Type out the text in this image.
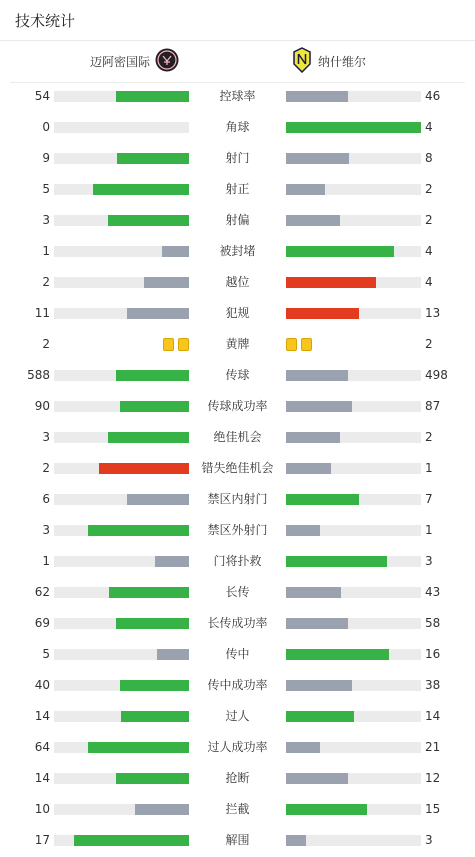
技术统计
迈阿密国际	纳什维尔
54	控球率	46
0	角球	4
9	射门	8
5	射正	2
3	射偏	2
1	被封堵	4
2	越位	4
11	犯规	13
2	黄牌	2
588	传球	498
90	传球成功率	87
3	绝佳机会	2
2	错失绝佳机会	1
6	禁区内射门	7
3	禁区外射门	1
1	门将扑救	3
62	长传	43
69	长传成功率	58
5	传中	16
40	传中成功率	38
14	过人	14
64	过人成功率	21
14	抢断	12
10	拦截	15
17	解围	3
